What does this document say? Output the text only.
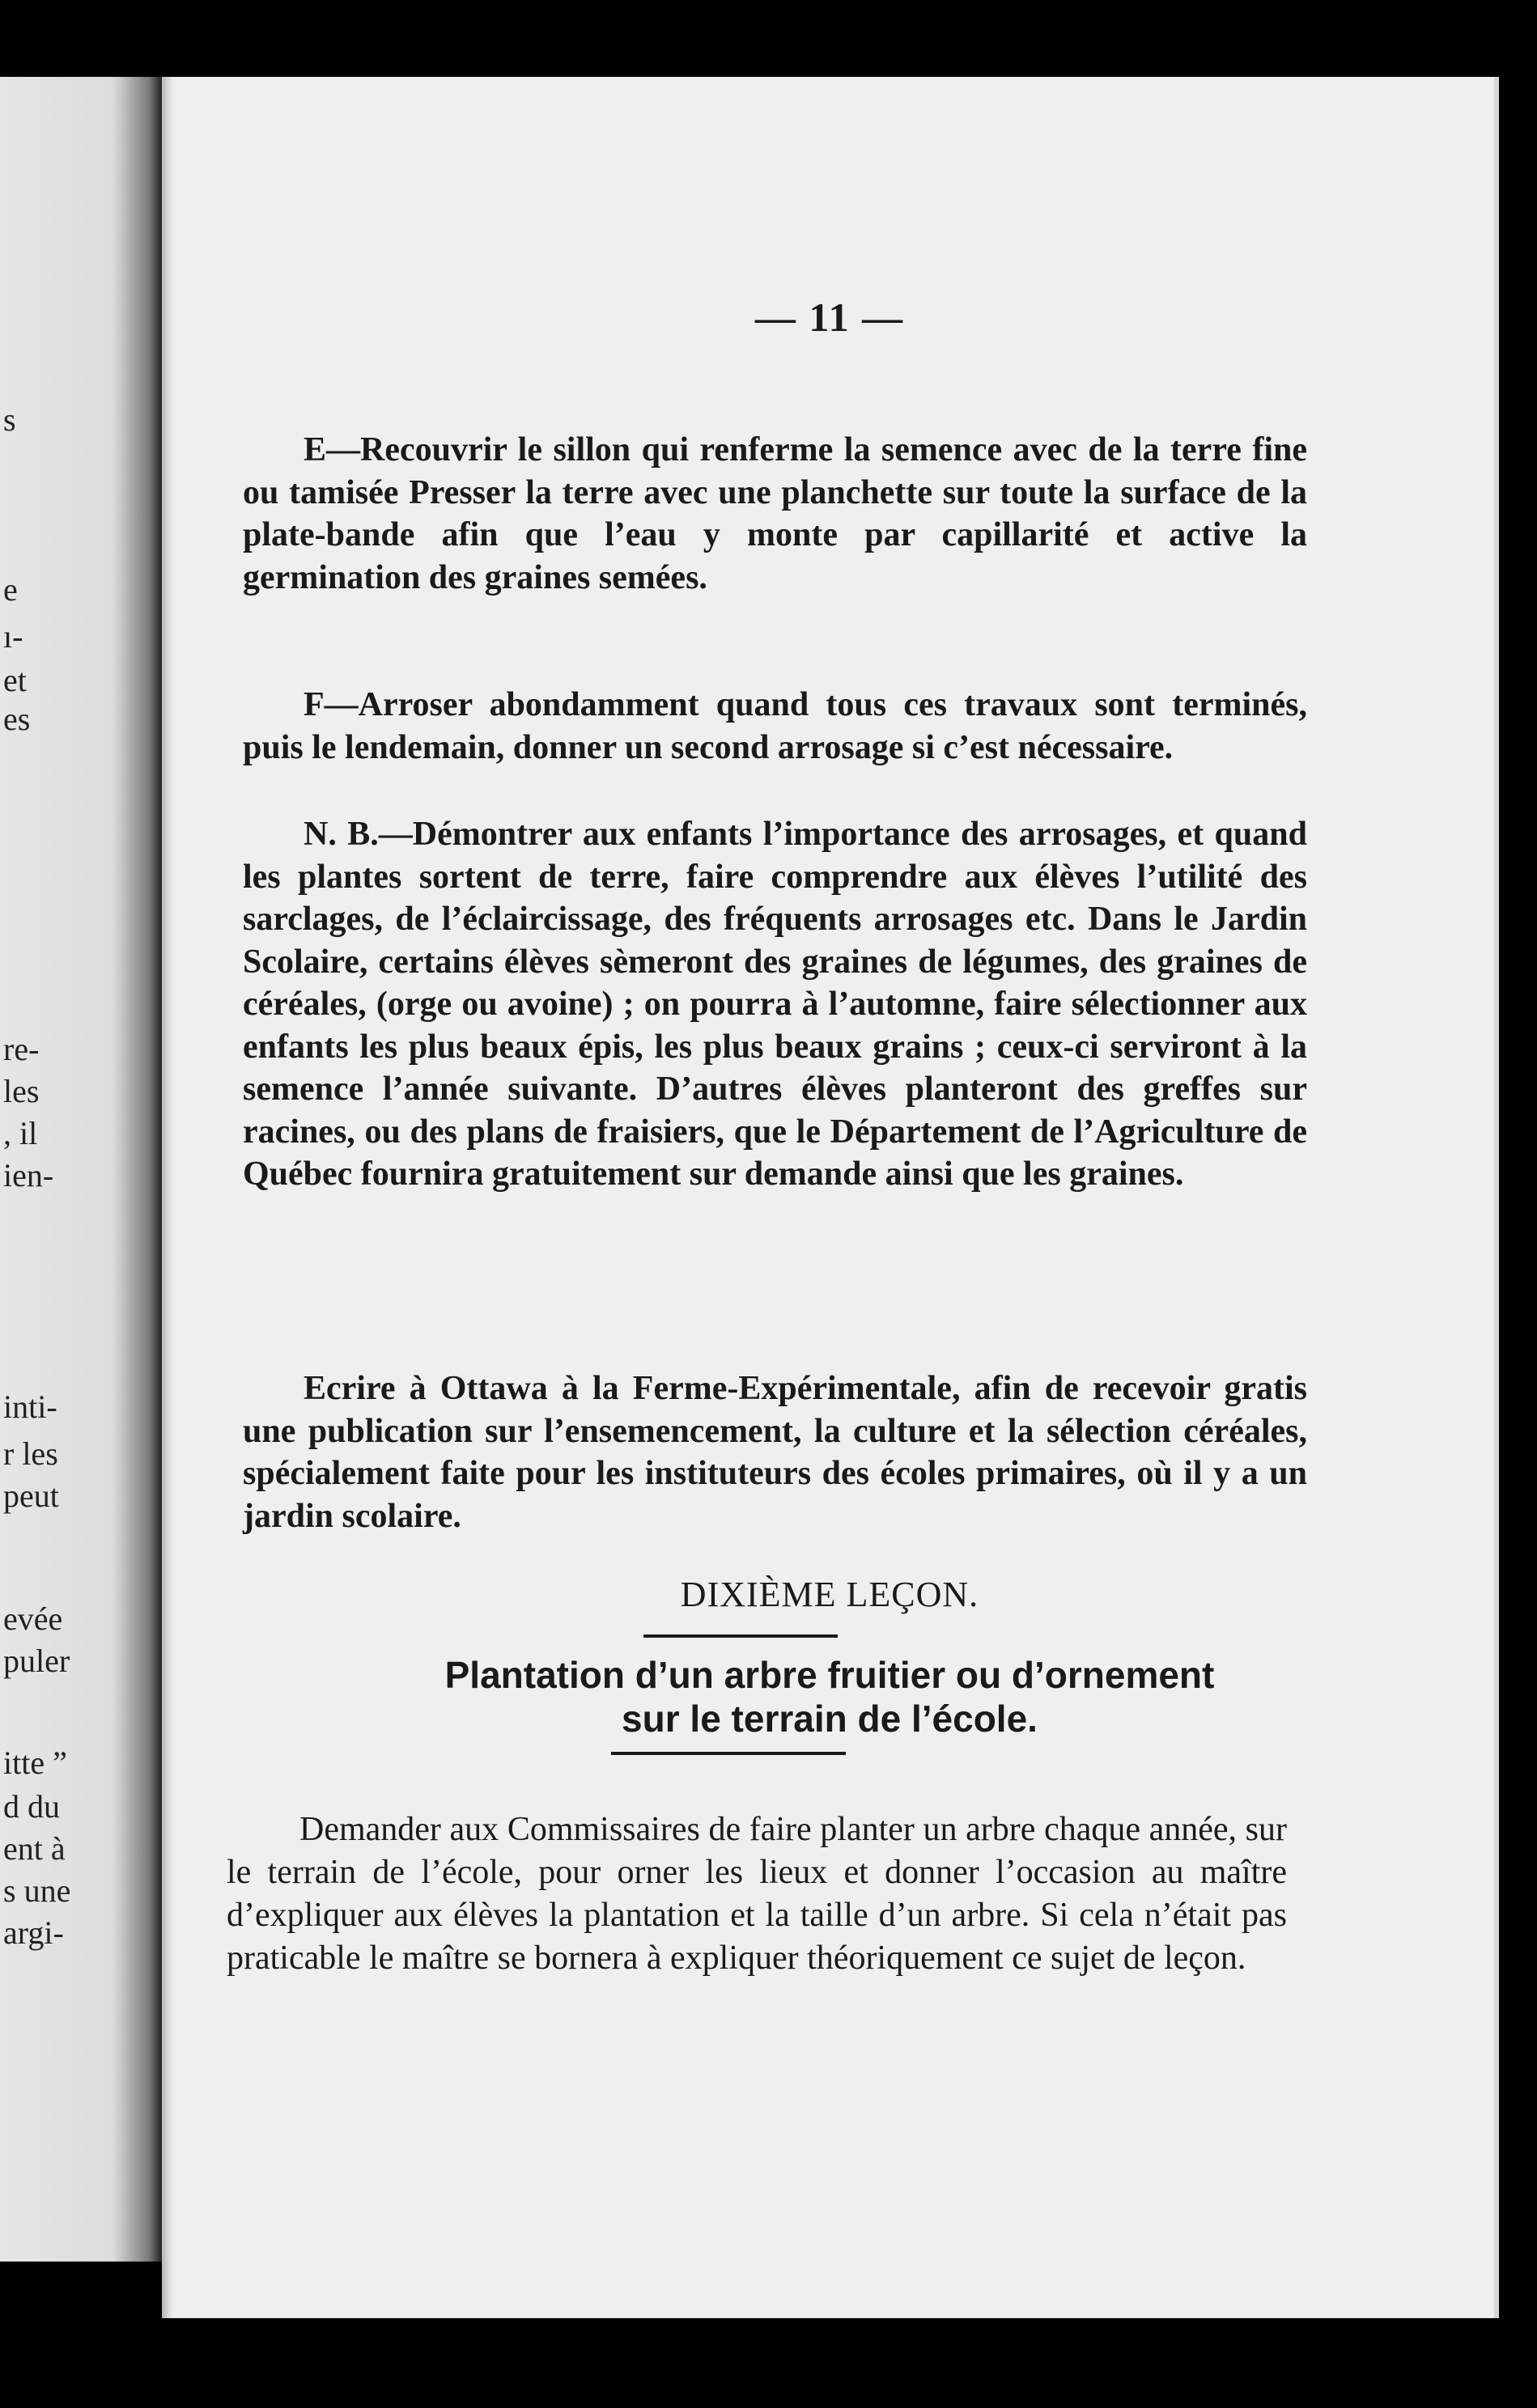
s
e
ı-
et
es
re-
les
, il
ien-
inti-
r les
peut
evée
puler
itte ”
d du
ent à
s une
argi-
— 11 —

E—Recouvrir le sillon qui renferme la semence avec de la terre fine ou tamisée Presser la terre avec une planchette sur toute la surface de la plate-bande afin que l’eau y monte par capillarité et active la germination des graines semées.

F—Arroser abondamment quand tous ces travaux sont terminés, puis le lendemain, donner un second arrosage si c’est nécessaire.

N. B.—Démontrer aux enfants l’importance des arrosages, et quand les plantes sortent de terre, faire comprendre aux élèves l’utilité des sarclages, de l’éclaircissage, des fréquents arrosages etc. Dans le Jardin Scolaire, certains élèves sèmeront des graines de légumes, des graines de céréales, (orge ou avoine) ; on pourra à l’automne, faire sélectionner aux enfants les plus beaux épis, les plus beaux grains ; ceux-ci serviront à la semence l’année suivante. D’autres élèves planteront des greffes sur racines, ou des plans de fraisiers, que le Département de l’Agriculture de Québec fournira gratuitement sur demande ainsi que les graines.

Ecrire à Ottawa à la Ferme-Expérimentale, afin de recevoir gratis une publication sur l’ensemencement, la culture et la sélection céréales, spécialement faite pour les instituteurs des écoles primaires, où il y a un jardin scolaire.

DIXIÈME LEÇON.
Plantation d’un arbre fruitier ou d’ornement
sur le terrain de l’école.

Demander aux Commissaires de faire planter un arbre chaque année, sur le terrain de l’école, pour orner les lieux et donner l’occasion au maître d’expliquer aux élèves la plantation et la taille d’un arbre. Si cela n’était pas praticable le maître se bornera à expliquer théoriquement ce sujet de leçon.
